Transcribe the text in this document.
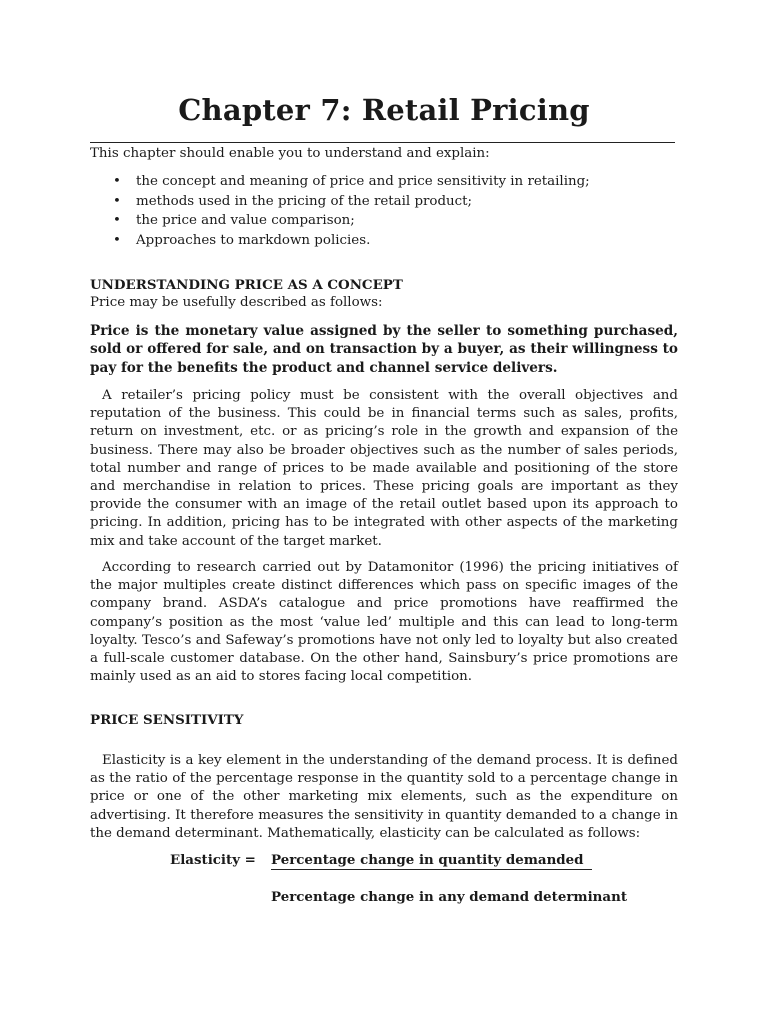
Chapter 7: Retail Pricing

This chapter should enable you to understand and explain:

• the concept and meaning of price and price sensitivity in retailing;
• methods used in the pricing of the retail product;
• the price and value comparison;
• Approaches to markdown policies.

UNDERSTANDING PRICE AS A CONCEPT

Price may be usefully described as follows:

Price is the monetary value assigned by the seller to something purchased, sold or offered for sale, and on transaction by a buyer, as their willingness to pay for the benefits the product and channel service delivers.

A retailer’s pricing policy must be consistent with the overall objectives and reputation of the business. This could be in financial terms such as sales, profits, return on investment, etc. or as pricing’s role in the growth and expansion of the business. There may also be broader objectives such as the number of sales periods, total number and range of prices to be made available and positioning of the store and merchandise in relation to prices. These pricing goals are important as they provide the consumer with an image of the retail outlet based upon its approach to pricing. In addition, pricing has to be integrated with other aspects of the marketing mix and take account of the target market.

According to research carried out by Datamonitor (1996) the pricing initiatives of the major multiples create distinct differences which pass on specific images of the company brand. ASDA’s catalogue and price promotions have reaffirmed the company’s position as the most ‘value led’ multiple and this can lead to long-term loyalty. Tesco’s and Safeway’s promotions have not only led to loyalty but also created a full-scale customer database. On the other hand, Sainsbury’s price promotions are mainly used as an aid to stores facing local competition.

PRICE SENSITIVITY

Elasticity is a key element in the understanding of the demand process. It is defined as the ratio of the percentage response in the quantity sold to a percentage change in price or one of the other marketing mix elements, such as the expenditure on advertising. It therefore measures the sensitivity in quantity demanded to a change in the demand determinant. Mathematically, elasticity can be calculated as follows:

Elasticity = Percentage change in quantity demanded
Percentage change in any demand determinant
